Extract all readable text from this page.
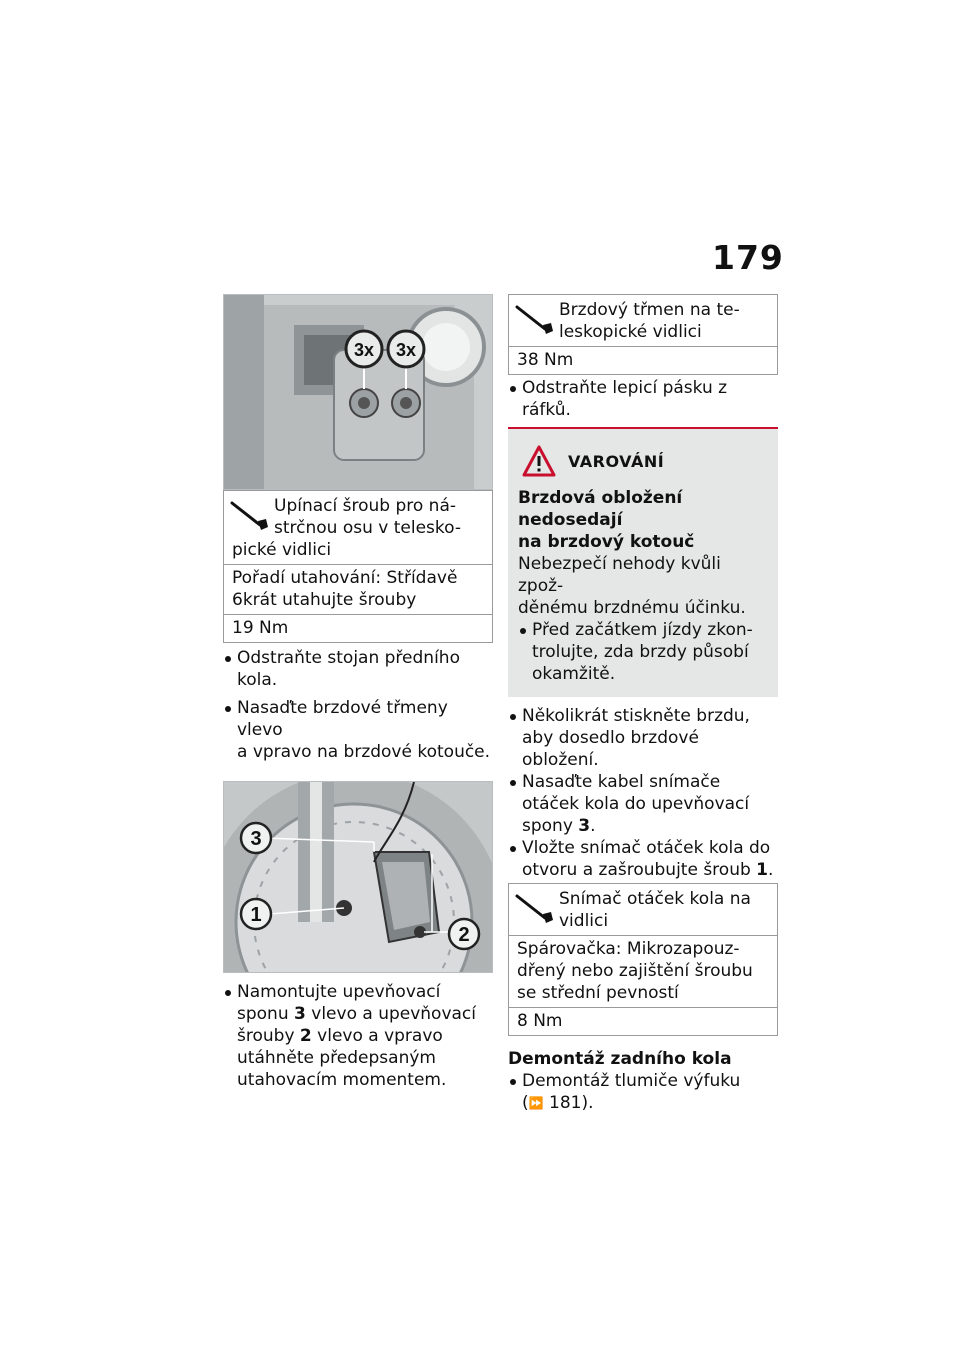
179
3x 3x
Upínací šroub pro ná-
strčnou osu v telesko-
pické vidlici
Pořadí utahování: Střídavě
6krát utahujte šrouby
19 Nm
Odstraňte stojan předního
kola.
Nasaďte brzdové třmeny vlevo
a vpravo na brzdové kotouče.
3
1
2
Namontujte upevňovací
sponu 3 vlevo a upevňovací
šrouby 2 vlevo a vpravo
utáhněte předepsaným
utahovacím momentem.
Brzdový třmen na te-
leskopické vidlici
38 Nm
Odstraňte lepicí pásku z ráfků.
VAROVÁNÍ
Brzdová obložení nedosedají
na brzdový kotouč
Nebezpečí nehody kvůli zpož-
děnému brzdnému účinku.
Před začátkem jízdy zkon-
trolujte, zda brzdy působí
okamžitě.
Několikrát stiskněte brzdu,
aby dosedlo brzdové obložení.
Nasaďte kabel snímače
otáček kola do upevňovací
spony 3.
Vložte snímač otáček kola do
otvoru a zašroubujte šroub 1.
Snímač otáček kola na
vidlici
Spárovačka: Mikrozapouz-
dřený nebo zajištění šroubu
se střední pevností
8 Nm
Demontáž zadního kola
Demontáž tlumiče výfuku
(⏩ 181).
